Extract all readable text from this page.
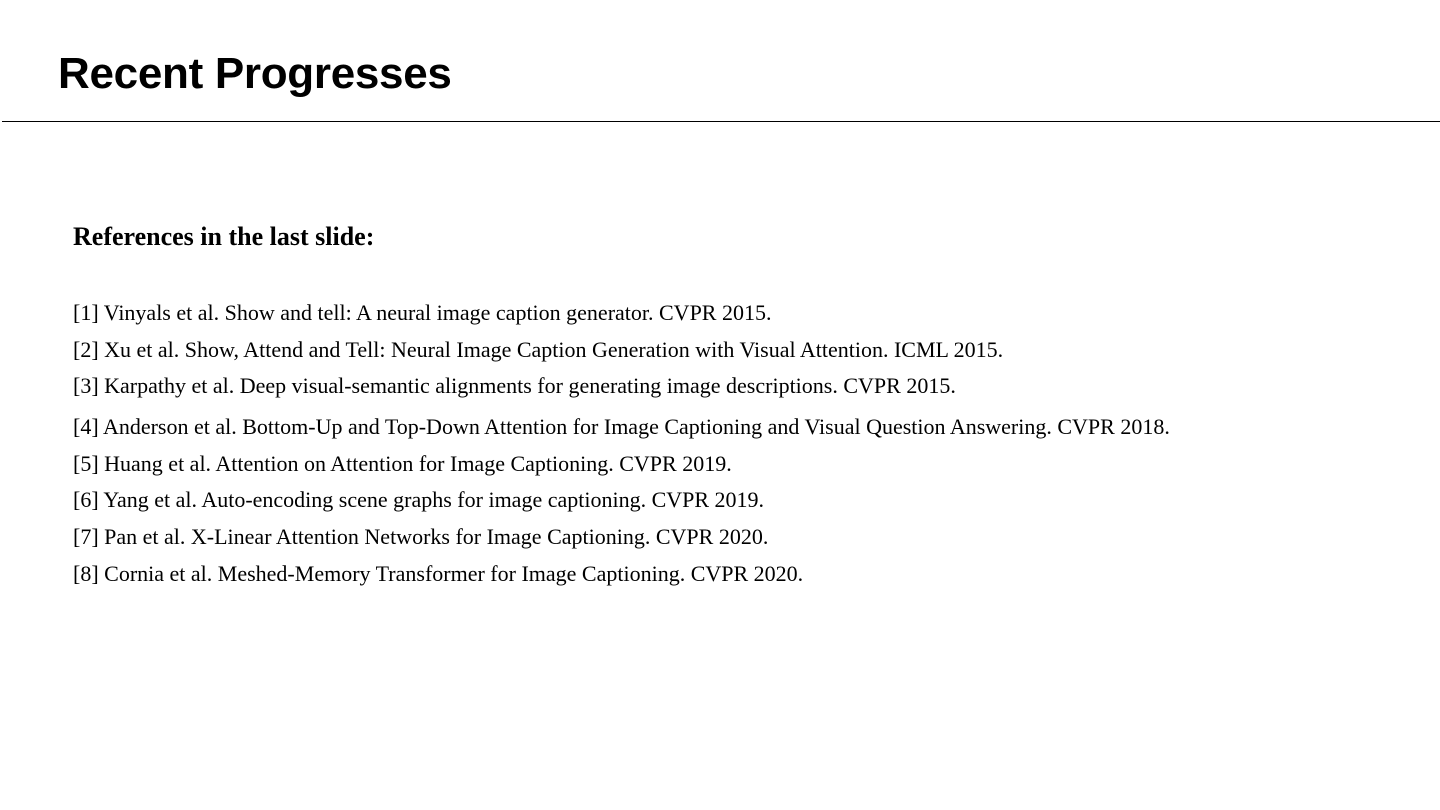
Recent Progresses
References in the last slide:
[1] Vinyals et al. Show and tell: A neural image caption generator. CVPR 2015.
[2] Xu et al. Show, Attend and Tell: Neural Image Caption Generation with Visual Attention. ICML 2015.
[3] Karpathy et al. Deep visual-semantic alignments for generating image descriptions. CVPR 2015.
[4] Anderson et al. Bottom-Up and Top-Down Attention for Image Captioning and Visual Question Answering. CVPR 2018.
[5] Huang et al. Attention on Attention for Image Captioning. CVPR 2019.
[6] Yang et al. Auto-encoding scene graphs for image captioning. CVPR 2019.
[7] Pan et al. X-Linear Attention Networks for Image Captioning. CVPR 2020.
[8] Cornia et al. Meshed-Memory Transformer for Image Captioning. CVPR 2020.
